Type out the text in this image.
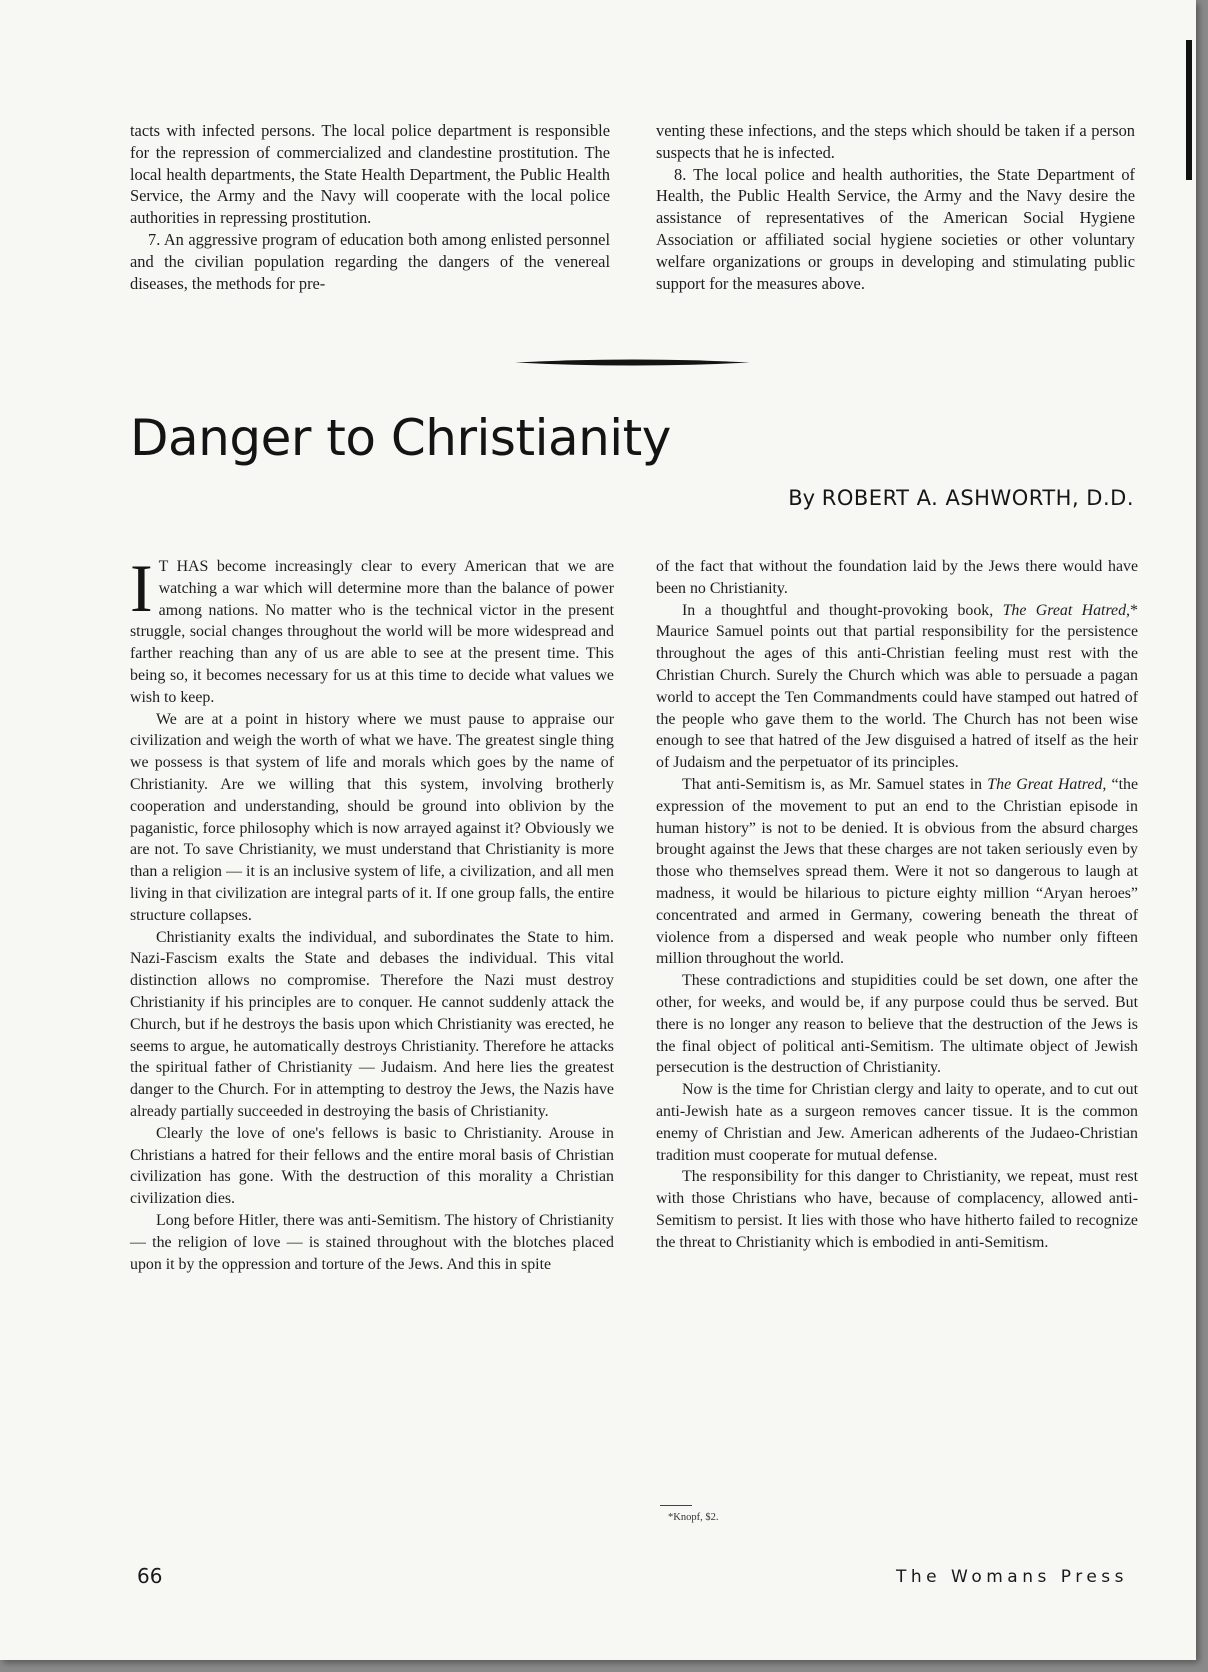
tacts with infected persons. The local police department is responsible for the repression of commercialized and clandestine prostitution. The local health departments, the State Health Department, the Public Health Service, the Army and the Navy will cooperate with the local police authorities in repressing prostitution.

7. An aggressive program of education both among enlisted personnel and the civilian population regarding the dangers of the venereal diseases, the methods for pre-

venting these infections, and the steps which should be taken if a person suspects that he is infected.

8. The local police and health authorities, the State Department of Health, the Public Health Service, the Army and the Navy desire the assistance of representatives of the American Social Hygiene Association or affiliated social hygiene societies or other voluntary welfare organizations or groups in developing and stimulating public support for the measures above.

Danger to Christianity
By ROBERT A. ASHWORTH, D.D.

I T HAS become increasingly clear to every American that we are watching a war which will determine more than the balance of power among nations. No matter who is the technical victor in the present struggle, social changes throughout the world will be more widespread and farther reaching than any of us are able to see at the present time. This being so, it becomes necessary for us at this time to decide what values we wish to keep.

We are at a point in history where we must pause to appraise our civilization and weigh the worth of what we have. The greatest single thing we possess is that system of life and morals which goes by the name of Christianity. Are we willing that this system, involving brotherly cooperation and understanding, should be ground into oblivion by the paganistic, force philosophy which is now arrayed against it? Obviously we are not. To save Christianity, we must understand that Christianity is more than a religion — it is an inclusive system of life, a civilization, and all men living in that civilization are integral parts of it. If one group falls, the entire structure collapses.

Christianity exalts the individual, and subordinates the State to him. Nazi-Fascism exalts the State and debases the individual. This vital distinction allows no compromise. Therefore the Nazi must destroy Christianity if his principles are to conquer. He cannot suddenly attack the Church, but if he destroys the basis upon which Christianity was erected, he seems to argue, he automatically destroys Christianity. Therefore he attacks the spiritual father of Christianity — Judaism. And here lies the greatest danger to the Church. For in attempting to destroy the Jews, the Nazis have already partially succeeded in destroying the basis of Christianity.

Clearly the love of one's fellows is basic to Christianity. Arouse in Christians a hatred for their fellows and the entire moral basis of Christian civilization has gone. With the destruction of this morality a Christian civilization dies.

Long before Hitler, there was anti-Semitism. The history of Christianity — the religion of love — is stained throughout with the blotches placed upon it by the oppression and torture of the Jews. And this in spite

of the fact that without the foundation laid by the Jews there would have been no Christianity.

In a thoughtful and thought-provoking book, The Great Hatred,* Maurice Samuel points out that partial responsibility for the persistence throughout the ages of this anti-Christian feeling must rest with the Christian Church. Surely the Church which was able to persuade a pagan world to accept the Ten Commandments could have stamped out hatred of the people who gave them to the world. The Church has not been wise enough to see that hatred of the Jew disguised a hatred of itself as the heir of Judaism and the perpetuator of its principles.

That anti-Semitism is, as Mr. Samuel states in The Great Hatred, “the expression of the movement to put an end to the Christian episode in human history” is not to be denied. It is obvious from the absurd charges brought against the Jews that these charges are not taken seriously even by those who themselves spread them. Were it not so dangerous to laugh at madness, it would be hilarious to picture eighty million “Aryan heroes” concentrated and armed in Germany, cowering beneath the threat of violence from a dispersed and weak people who number only fifteen million throughout the world.

These contradictions and stupidities could be set down, one after the other, for weeks, and would be, if any purpose could thus be served. But there is no longer any reason to believe that the destruction of the Jews is the final object of political anti-Semitism. The ultimate object of Jewish persecution is the destruction of Christianity.

Now is the time for Christian clergy and laity to operate, and to cut out anti-Jewish hate as a surgeon removes cancer tissue. It is the common enemy of Christian and Jew. American adherents of the Judaeo-Christian tradition must cooperate for mutual defense.

The responsibility for this danger to Christianity, we repeat, must rest with those Christians who have, because of complacency, allowed anti-Semitism to persist. It lies with those who have hitherto failed to recognize the threat to Christianity which is embodied in anti-Semitism.

*Knopf, $2.
66	The Womans Press
